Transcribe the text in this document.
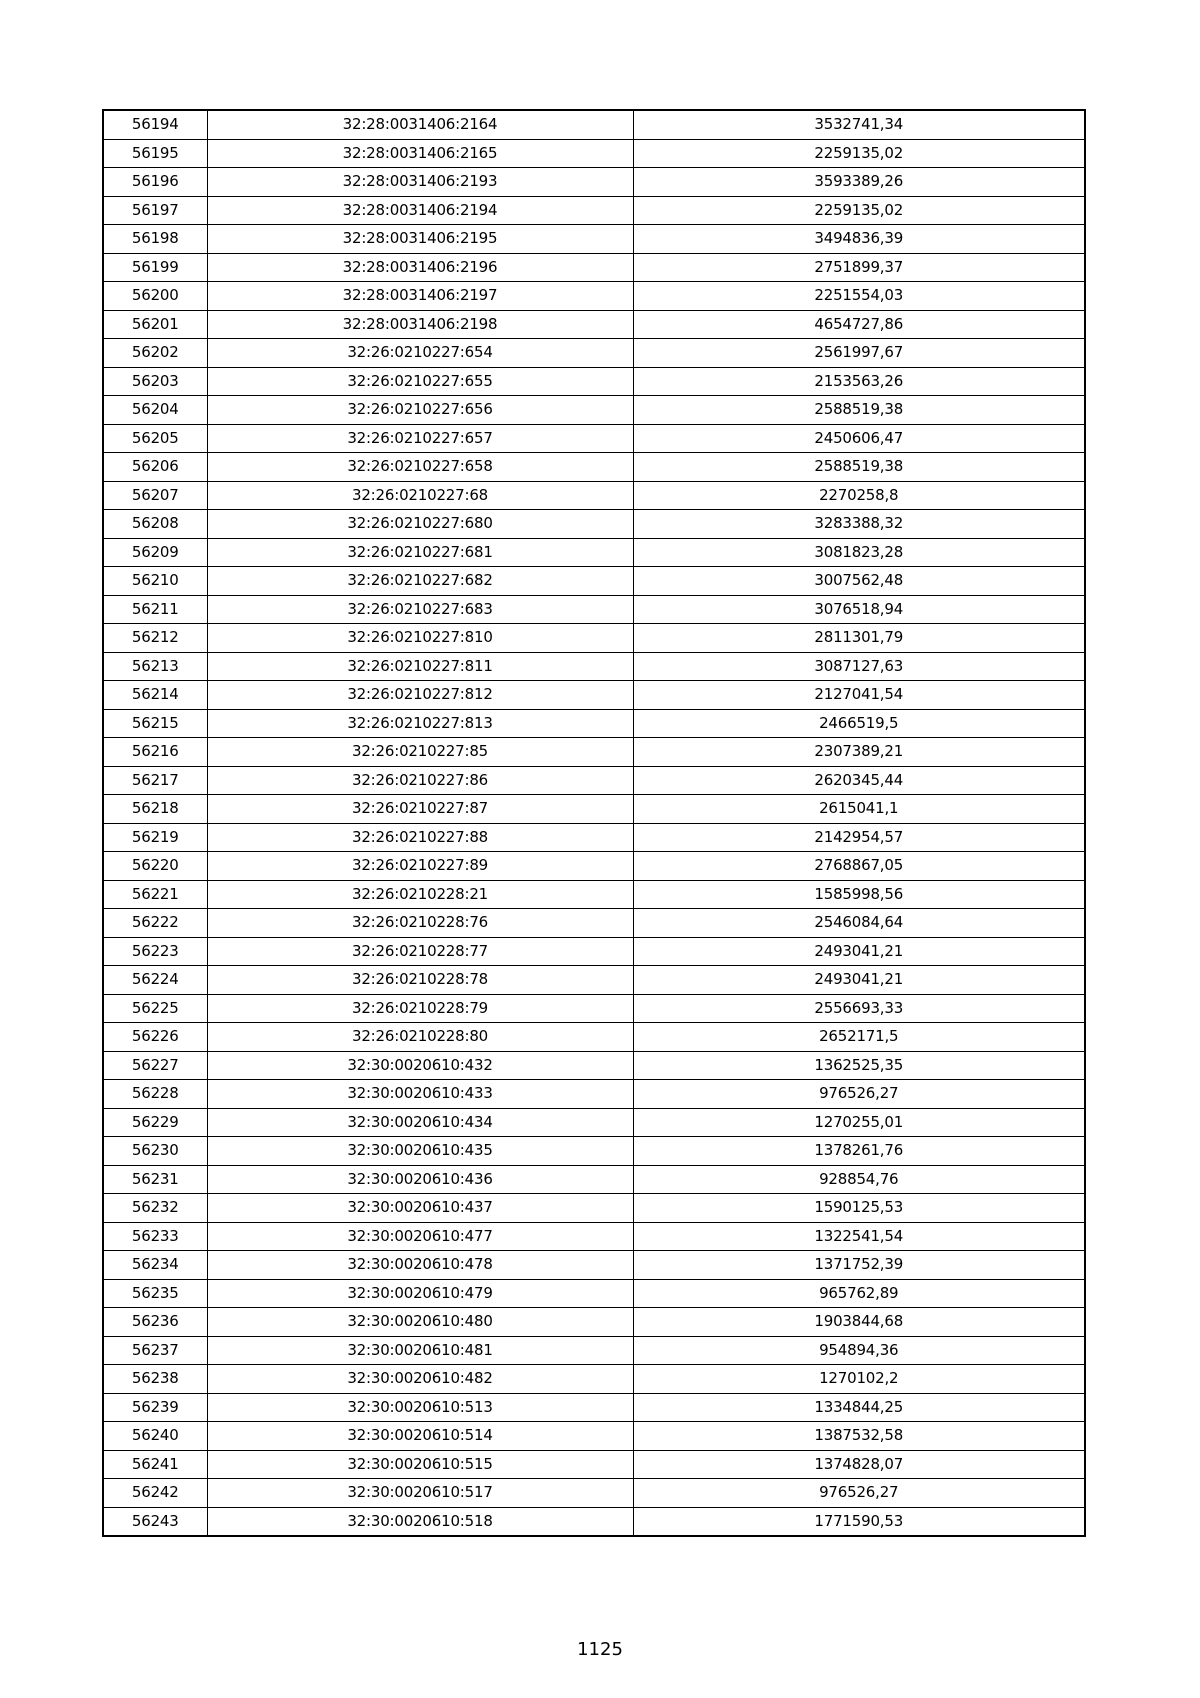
56194	32:28:0031406:2164	3532741,34
56195	32:28:0031406:2165	2259135,02
56196	32:28:0031406:2193	3593389,26
56197	32:28:0031406:2194	2259135,02
56198	32:28:0031406:2195	3494836,39
56199	32:28:0031406:2196	2751899,37
56200	32:28:0031406:2197	2251554,03
56201	32:28:0031406:2198	4654727,86
56202	32:26:0210227:654	2561997,67
56203	32:26:0210227:655	2153563,26
56204	32:26:0210227:656	2588519,38
56205	32:26:0210227:657	2450606,47
56206	32:26:0210227:658	2588519,38
56207	32:26:0210227:68	2270258,8
56208	32:26:0210227:680	3283388,32
56209	32:26:0210227:681	3081823,28
56210	32:26:0210227:682	3007562,48
56211	32:26:0210227:683	3076518,94
56212	32:26:0210227:810	2811301,79
56213	32:26:0210227:811	3087127,63
56214	32:26:0210227:812	2127041,54
56215	32:26:0210227:813	2466519,5
56216	32:26:0210227:85	2307389,21
56217	32:26:0210227:86	2620345,44
56218	32:26:0210227:87	2615041,1
56219	32:26:0210227:88	2142954,57
56220	32:26:0210227:89	2768867,05
56221	32:26:0210228:21	1585998,56
56222	32:26:0210228:76	2546084,64
56223	32:26:0210228:77	2493041,21
56224	32:26:0210228:78	2493041,21
56225	32:26:0210228:79	2556693,33
56226	32:26:0210228:80	2652171,5
56227	32:30:0020610:432	1362525,35
56228	32:30:0020610:433	976526,27
56229	32:30:0020610:434	1270255,01
56230	32:30:0020610:435	1378261,76
56231	32:30:0020610:436	928854,76
56232	32:30:0020610:437	1590125,53
56233	32:30:0020610:477	1322541,54
56234	32:30:0020610:478	1371752,39
56235	32:30:0020610:479	965762,89
56236	32:30:0020610:480	1903844,68
56237	32:30:0020610:481	954894,36
56238	32:30:0020610:482	1270102,2
56239	32:30:0020610:513	1334844,25
56240	32:30:0020610:514	1387532,58
56241	32:30:0020610:515	1374828,07
56242	32:30:0020610:517	976526,27
56243	32:30:0020610:518	1771590,53
1125
